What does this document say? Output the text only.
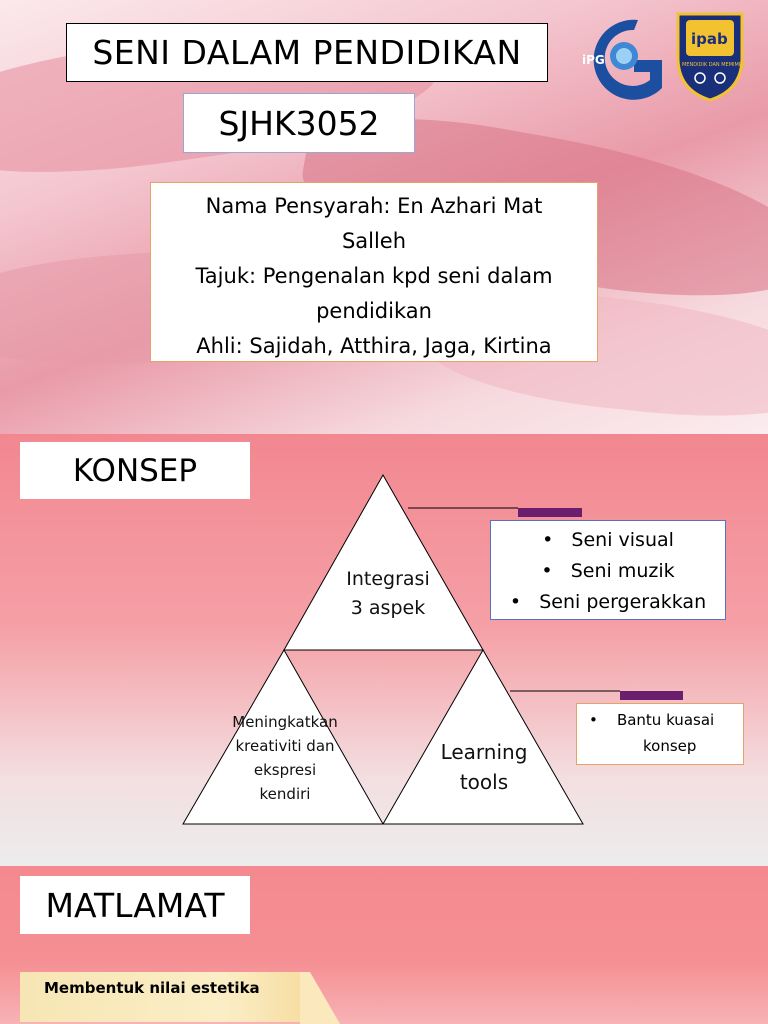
SENI DALAM PENDIDIKAN
SJHK3052
Nama Pensyarah: En Azhari Mat
Salleh
Tajuk: Pengenalan kpd seni dalam
pendidikan
Ahli: Sajidah, Atthira, Jaga, Kirtina
iPG
ipab
MENDIDIK DAN MEMIMPIN
KONSEP
Integrasi
3 aspek
Meningkatkan
kreativiti dan
ekspresi
kendiri
Learning
tools
• Seni visual
• Seni muzik
• Seni pergerakkan
• Bantu kuasai
konsep
MATLAMAT
Membentuk nilai estetika
